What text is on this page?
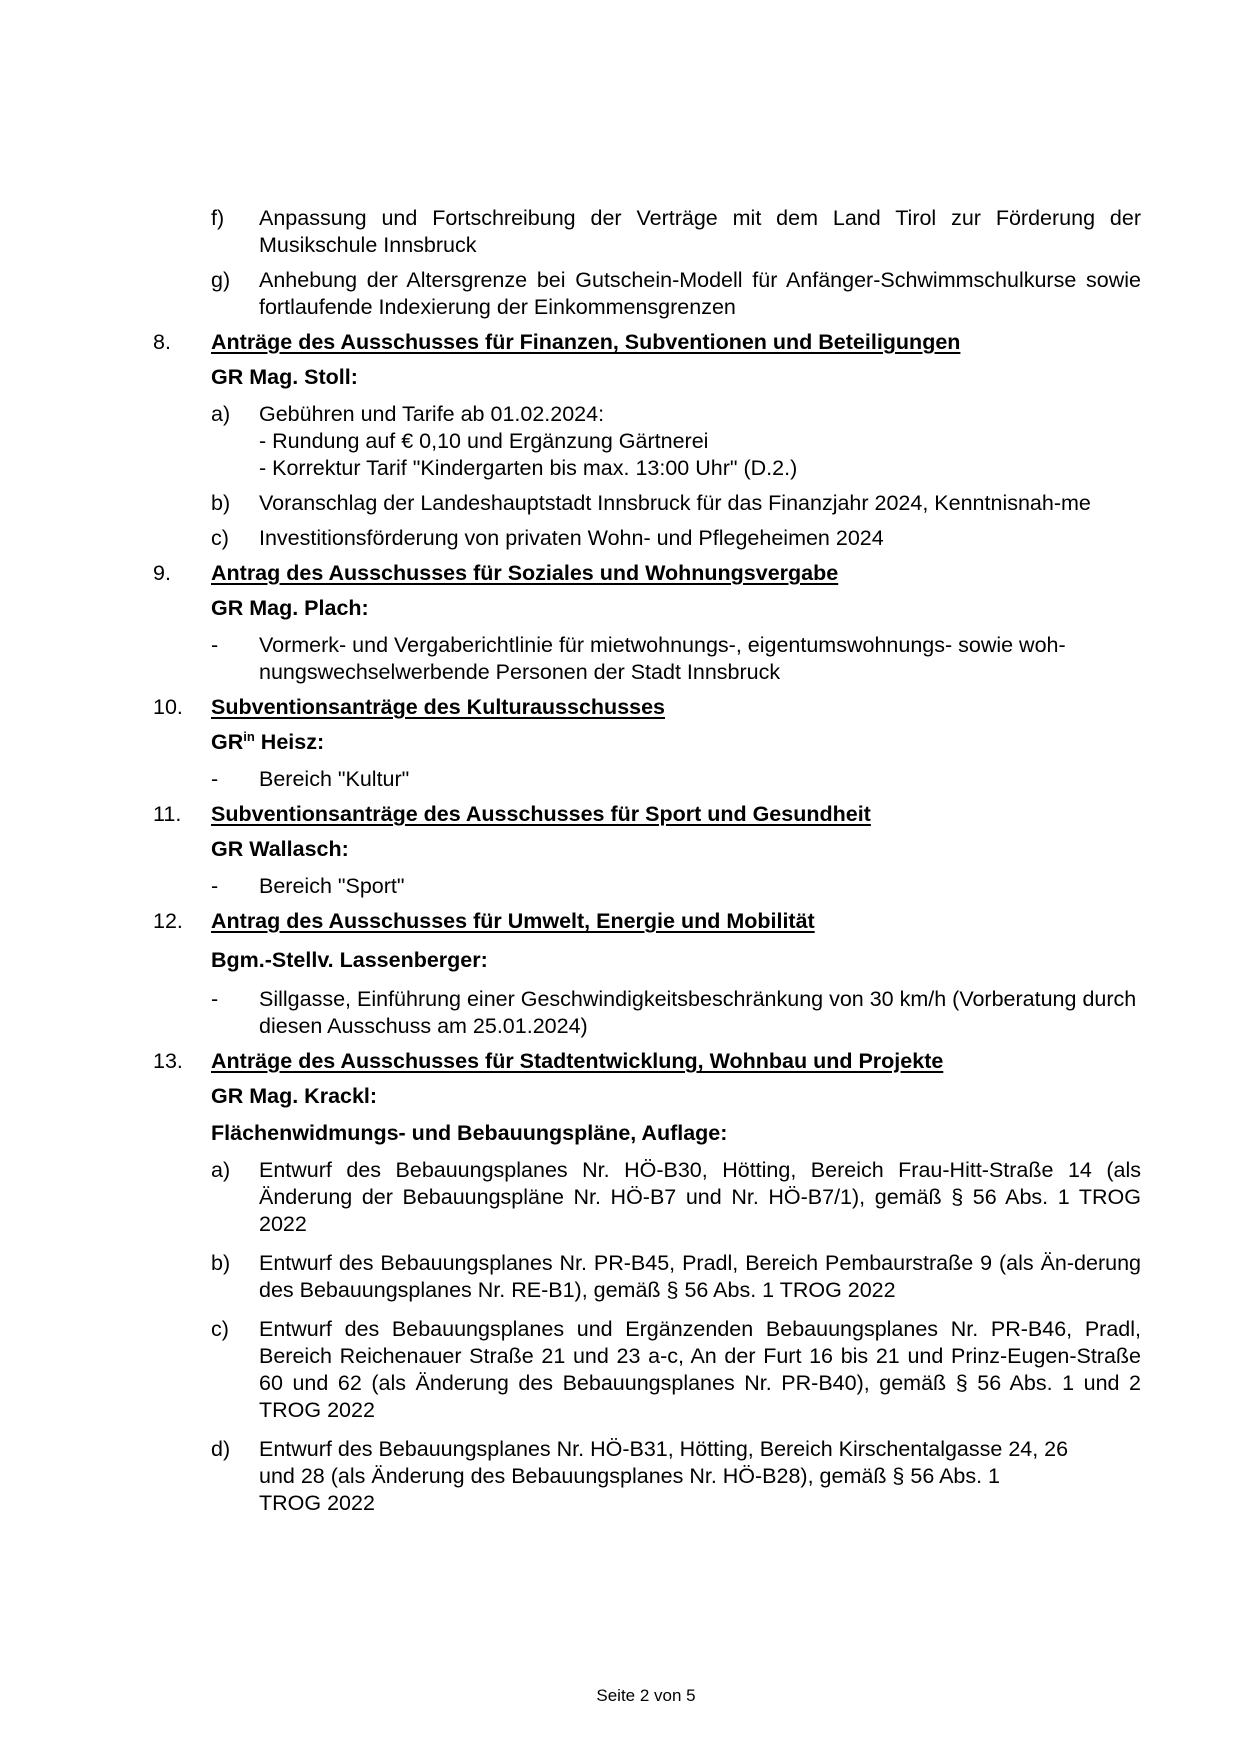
f) Anpassung und Fortschreibung der Verträge mit dem Land Tirol zur Förderung der Musikschule Innsbruck
g) Anhebung der Altersgrenze bei Gutschein-Modell für Anfänger-Schwimmschulkurse sowie fortlaufende Indexierung der Einkommensgrenzen
8. Anträge des Ausschusses für Finanzen, Subventionen und Beteiligungen
GR Mag. Stoll:
a) Gebühren und Tarife ab 01.02.2024:
- Rundung auf € 0,10 und Ergänzung Gärtnerei
- Korrektur Tarif "Kindergarten bis max. 13:00 Uhr" (D.2.)
b) Voranschlag der Landeshauptstadt Innsbruck für das Finanzjahr 2024, Kenntnisnah-me
c) Investitionsförderung von privaten Wohn- und Pflegeheimen 2024
9. Antrag des Ausschusses für Soziales und Wohnungsvergabe
GR Mag. Plach:
- Vormerk- und Vergaberichtlinie für mietwohnungs-, eigentumswohnungs- sowie woh-nungswechselwerbende Personen der Stadt Innsbruck
10. Subventionsanträge des Kulturausschusses
$GR^{in}$ Heisz:
- Bereich "Kultur"
11. Subventionsanträge des Ausschusses für Sport und Gesundheit
GR Wallasch:
- Bereich "Sport"
12. Antrag des Ausschusses für Umwelt, Energie und Mobilität
Bgm.-Stellv. Lassenberger:
- Sillgasse, Einführung einer Geschwindigkeitsbeschränkung von 30 km/h (Vorberatung durch diesen Ausschuss am 25.01.2024)
13. Anträge des Ausschusses für Stadtentwicklung, Wohnbau und Projekte
GR Mag. Krackl:
Flächenwidmungs- und Bebauungspläne, Auflage:
a) Entwurf des Bebauungsplanes Nr. HÖ-B30, Hötting, Bereich Frau-Hitt-Straße 14 (als Änderung der Bebauungspläne Nr. HÖ-B7 und Nr. HÖ-B7/1), gemäß § 56 Abs. 1 TROG 2022
b) Entwurf des Bebauungsplanes Nr. PR-B45, Pradl, Bereich Pembaurstraße 9 (als Än-derung des Bebauungsplanes Nr. RE-B1), gemäß § 56 Abs. 1 TROG 2022
c) Entwurf des Bebauungsplanes und Ergänzenden Bebauungsplanes Nr. PR-B46, Pradl, Bereich Reichenauer Straße 21 und 23 a-c, An der Furt 16 bis 21 und Prinz-Eugen-Straße 60 und 62 (als Änderung des Bebauungsplanes Nr. PR-B40), gemäß § 56 Abs. 1 und 2 TROG 2022
d) Entwurf des Bebauungsplanes Nr. HÖ-B31, Hötting, Bereich Kirschentalgasse 24, 26
und 28 (als Änderung des Bebauungsplanes Nr. HÖ-B28), gemäß § 56 Abs. 1
TROG 2022
Seite 2 von 5
